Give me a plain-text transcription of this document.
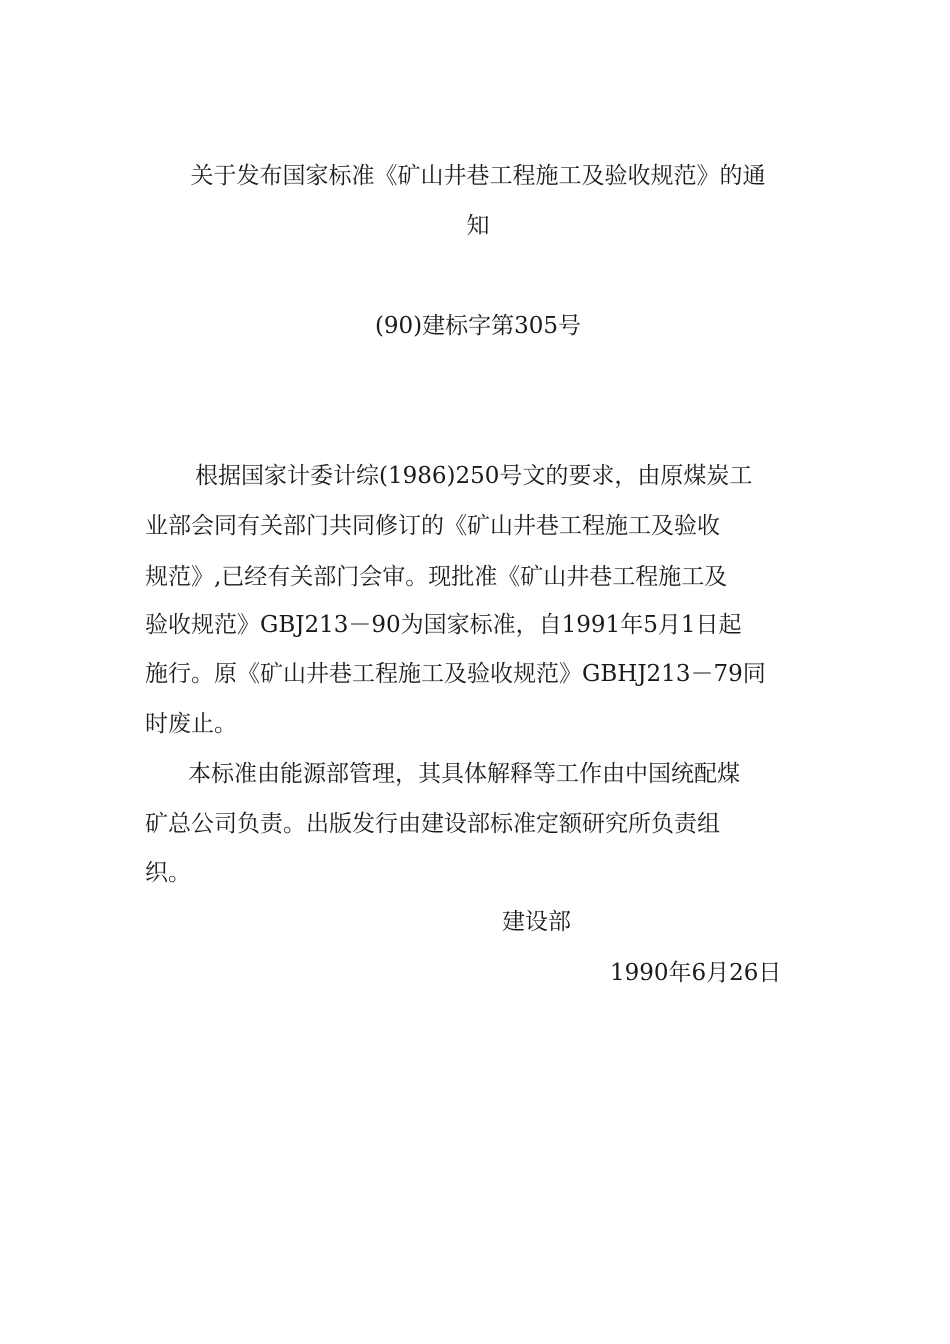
关于发布国家标准《矿山井巷工程施工及验收规范》的通
知
(90)建标字第305号
根据国家计委计综(1986)250号文的要求，由原煤炭工
业部会同有关部门共同修订的《矿山井巷工程施工及验收
规范》,已经有关部门会审。现批准《矿山井巷工程施工及
验收规范》GBJ213－90为国家标准，自1991年5月1日起
施行。原《矿山井巷工程施工及验收规范》GBHJ213－79同
时废止。
本标准由能源部管理，其具体解释等工作由中国统配煤
矿总公司负责。出版发行由建设部标准定额研究所负责组
织。
建设部
1990年6月26日
